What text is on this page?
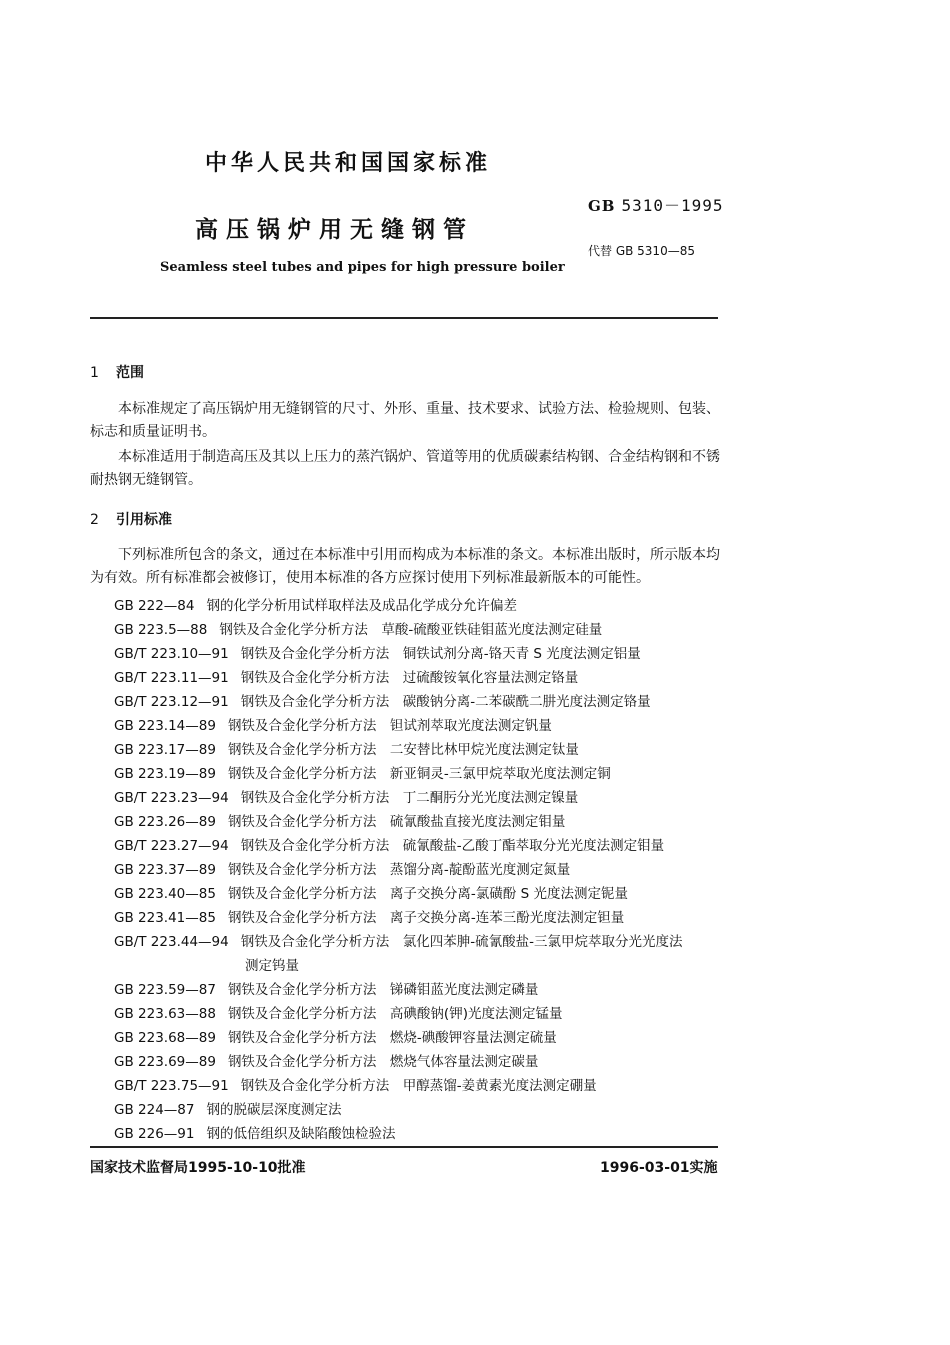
中华人民共和国国家标准
GB 5310－1995
高压锅炉用无缝钢管
代替 GB 5310—85
Seamless steel tubes and pipes for high pressure boiler
1 范围
本标准规定了高压锅炉用无缝钢管的尺寸、外形、重量、技术要求、试验方法、检验规则、包装、标志和质量证明书。
本标准适用于制造高压及其以上压力的蒸汽锅炉、管道等用的优质碳素结构钢、合金结构钢和不锈耐热钢无缝钢管。
2 引用标准
下列标准所包含的条文，通过在本标准中引用而构成为本标准的条文。本标准出版时，所示版本均为有效。所有标准都会被修订，使用本标准的各方应探讨使用下列标准最新版本的可能性。
GB 222—84 钢的化学分析用试样取样法及成品化学成分允许偏差
GB 223.5—88 钢铁及合金化学分析方法　草酸-硫酸亚铁硅钼蓝光度法测定硅量
GB/T 223.10—91 钢铁及合金化学分析方法　铜铁试剂分离-铬天青 S 光度法测定铝量
GB/T 223.11—91 钢铁及合金化学分析方法　过硫酸铵氧化容量法测定铬量
GB/T 223.12—91 钢铁及合金化学分析方法　碳酸钠分离-二苯碳酰二肼光度法测定铬量
GB 223.14—89 钢铁及合金化学分析方法　钽试剂萃取光度法测定钒量
GB 223.17—89 钢铁及合金化学分析方法　二安替比林甲烷光度法测定钛量
GB 223.19—89 钢铁及合金化学分析方法　新亚铜灵-三氯甲烷萃取光度法测定铜
GB/T 223.23—94 钢铁及合金化学分析方法　丁二酮肟分光光度法测定镍量
GB 223.26—89 钢铁及合金化学分析方法　硫氰酸盐直接光度法测定钼量
GB/T 223.27—94 钢铁及合金化学分析方法　硫氰酸盐-乙酸丁酯萃取分光光度法测定钼量
GB 223.37—89 钢铁及合金化学分析方法　蒸馏分离-靛酚蓝光度测定氮量
GB 223.40—85 钢铁及合金化学分析方法　离子交换分离-氯磺酚 S 光度法测定铌量
GB 223.41—85 钢铁及合金化学分析方法　离子交换分离-连苯三酚光度法测定钽量
GB/T 223.44—94 钢铁及合金化学分析方法　氯化四苯胂-硫氰酸盐-三氯甲烷萃取分光光度法
测定钨量
GB 223.59—87 钢铁及合金化学分析方法　锑磷钼蓝光度法测定磷量
GB 223.63—88 钢铁及合金化学分析方法　高碘酸钠(钾)光度法测定锰量
GB 223.68—89 钢铁及合金化学分析方法　燃烧-碘酸钾容量法测定硫量
GB 223.69—89 钢铁及合金化学分析方法　燃烧气体容量法测定碳量
GB/T 223.75—91 钢铁及合金化学分析方法　甲醇蒸馏-姜黄素光度法测定硼量
GB 224—87 钢的脱碳层深度测定法
GB 226—91 钢的低倍组织及缺陷酸蚀检验法
国家技术监督局1995-10-10批准	1996-03-01实施
